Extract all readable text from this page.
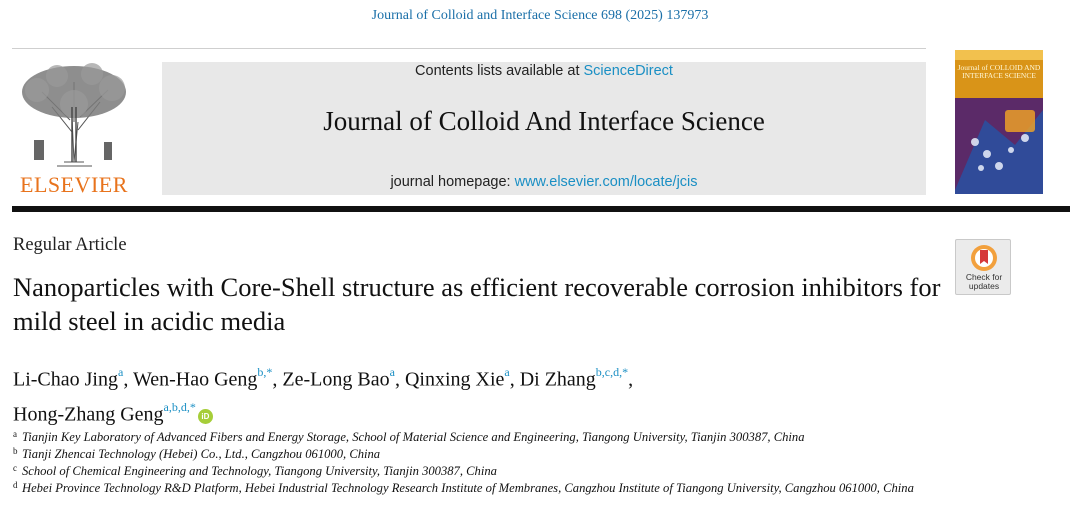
Journal of Colloid and Interface Science 698 (2025) 137973
ELSEVIER
Contents lists available at ScienceDirect
Journal of Colloid And Interface Science
journal homepage: www.elsevier.com/locate/jcis
Journal of COLLOID AND INTERFACE SCIENCE
Regular Article
Check for updates
Nanoparticles with Core-Shell structure as efficient recoverable corrosion inhibitors for mild steel in acidic media
Li-Chao Jing$^a$, Wen-Hao Geng$^{b,*}$, Ze-Long Bao$^a$, Qinxing Xie$^a$, Di Zhang$^{b,c,d,*}$,
Hong-Zhang Geng$^{a,b,d,*}$iD
a Tianjin Key Laboratory of Advanced Fibers and Energy Storage, School of Material Science and Engineering, Tiangong University, Tianjin 300387, China
b Tianji Zhencai Technology (Hebei) Co., Ltd., Cangzhou 061000, China
c School of Chemical Engineering and Technology, Tiangong University, Tianjin 300387, China
d Hebei Province Technology R&D Platform, Hebei Industrial Technology Research Institute of Membranes, Cangzhou Institute of Tiangong University, Cangzhou 061000, China
